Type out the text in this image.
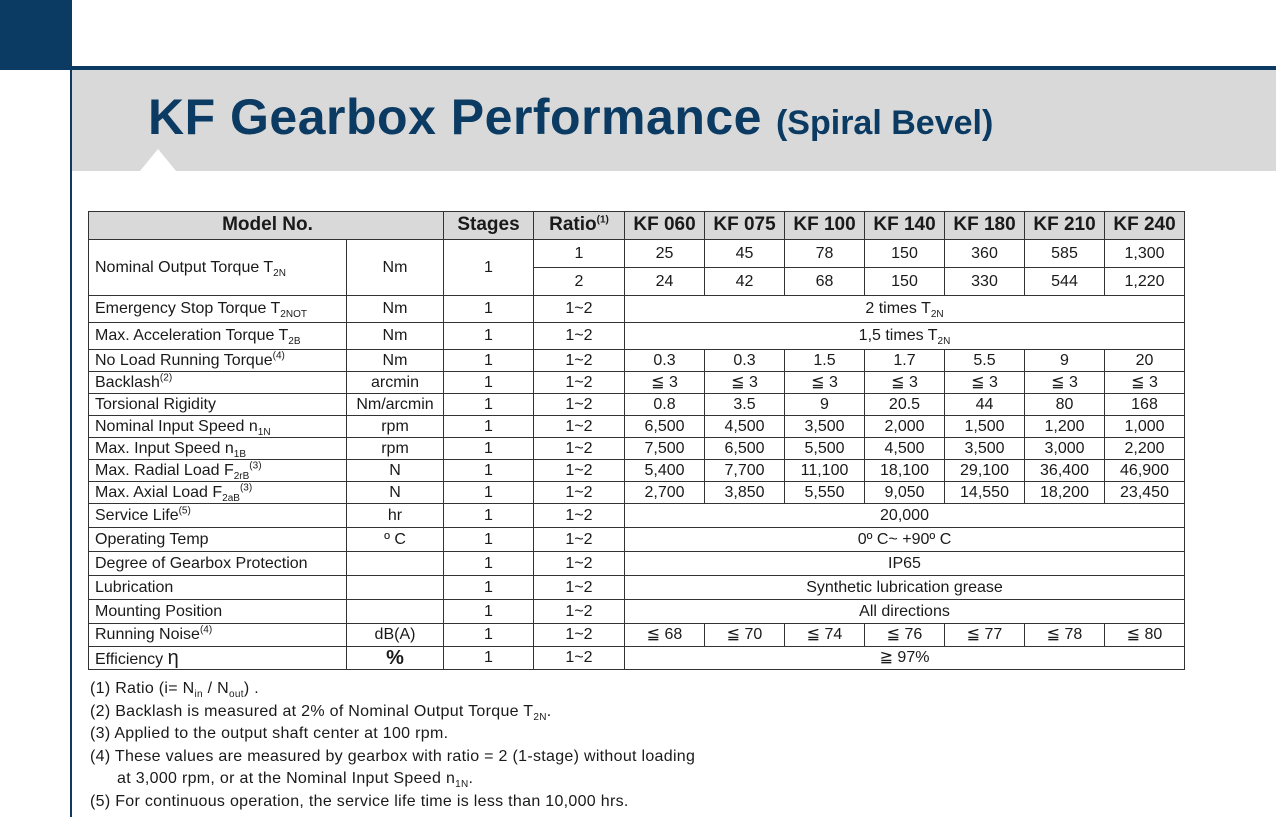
KF Gearbox Performance (Spiral Bevel)
Model No.		Stages	Ratio$^{(1)}$	KF 060	KF 075	KF 100	KF 140	KF 180	KF 210	KF 240
Nominal Output Torque $T_{2N}$	Nm	1	1	25	45	78	150	360	585	1,300
			2	24	42	68	150	330	544	1,220
Emergency Stop Torque $T_{2NOT}$	Nm	1	1~2	2 times $T_{2N}$
Max. Acceleration Torque $T_{2B}$	Nm	1	1~2	1,5 times $T_{2N}$
No Load Running Torque$^{(4)}$	Nm	1	1~2	0.3	0.3	1.5	1.7	5.5	9	20
Backlash$^{(2)}$	arcmin	1	1~2	≦ 3	≦ 3	≦ 3	≦ 3	≦ 3	≦ 3	≦ 3
Torsional Rigidity	Nm/arcmin	1	1~2	0.8	3.5	9	20.5	44	80	168
Nominal Input Speed $n_{1N}$	rpm	1	1~2	6,500	4,500	3,500	2,000	1,500	1,200	1,000
Max. Input Speed $n_{1B}$	rpm	1	1~2	7,500	6,500	5,500	4,500	3,500	3,000	2,200
Max. Radial Load $F_{2rB}^{(3)}$	N	1	1~2	5,400	7,700	11,100	18,100	29,100	36,400	46,900
Max. Axial Load $F_{2aB}^{(3)}$	N	1	1~2	2,700	3,850	5,550	9,050	14,550	18,200	23,450
Service Life$^{(5)}$	hr	1	1~2	20,000						
Operating Temp	º C	1	1~2	0º C~ +90º C						
Degree of Gearbox Protection		1	1~2	IP65						
Lubrication		1	1~2	Synthetic lubrication grease						
Mounting Position		1	1~2	All directions						
Running Noise$^{(4)}$	dB(A)	1	1~2	≦ 68	≦ 70	≦ 74	≦ 76	≦ 77	≦ 78	≦ 80
Efficiency η	%	1	1~2	≧ 97%						
(1) Ratio $(i= N_{in} / N_{out})$ .
(2) Backlash is measured at 2% of Nominal Output Torque $T_{2N}$.
(3) Applied to the output shaft center at 100 rpm.
(4) These values are measured by gearbox with ratio = 2 (1-stage) without loading
at 3,000 rpm, or at the Nominal Input Speed $n_{1N}$.
(5) For continuous operation, the service life time is less than 10,000 hrs.
